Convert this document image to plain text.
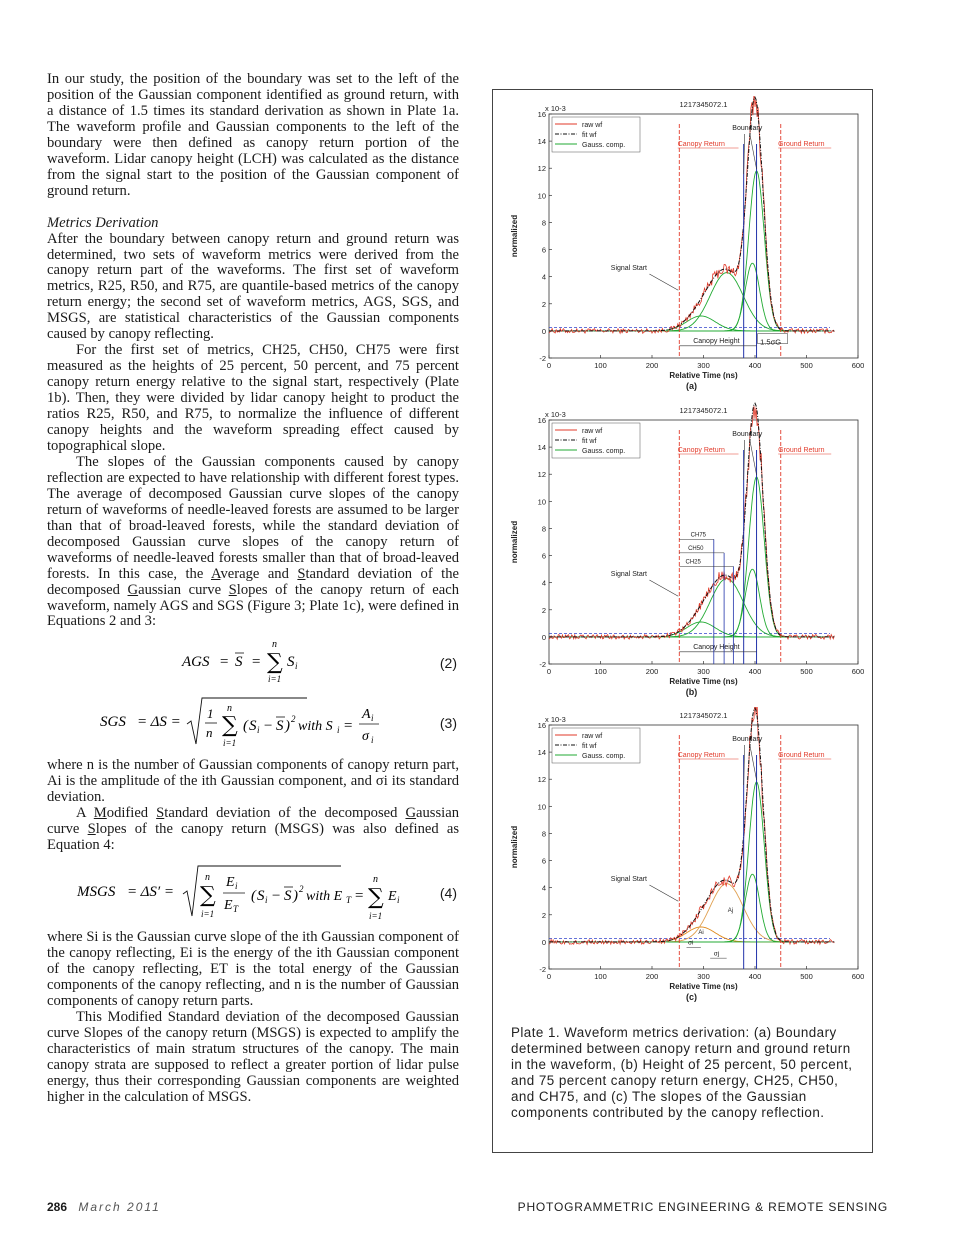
In our study, the position of the boundary was set to the left of the position of the Gaussian component identified as ground return, with a distance of 1.5 times its standard derivation as shown in Plate 1a. The waveform profile and Gaussian components to the left of the boundary were then defined as canopy return portion of the waveform. Lidar canopy height (LCH) was calculated as the distance from the signal start to the position of the Gaussian component of ground return.

Metrics Derivation

After the boundary between canopy return and ground return was determined, two sets of waveform metrics were derived from the canopy return part of the waveforms. The first set of waveform metrics, R25, R50, and R75, are quantile-based metrics of the canopy return energy; the second set of waveform metrics, AGS, SGS, and MSGS, are statistical characteristics of the Gaussian components caused by canopy reflecting.

For the first set of metrics, CH25, CH50, CH75 were first measured as the heights of 25 percent, 50 percent, and 75 percent canopy return energy relative to the signal start, respectively (Plate 1b). Then, they were divided by lidar canopy height to product the ratios R25, R50, and R75, to normalize the influence of different canopy heights and the waveform spreading effect caused by topographical slope.

The slopes of the Gaussian components caused by canopy reflection are expected to have relationship with different forest types. The average of decomposed Gaussian curve slopes of the canopy return of waveforms of needle-leaved forests are assumed to be larger than that of broad-leaved forests, while the standard deviation of decomposed Gaussian curve slopes of the canopy return of waveforms of needle-leaved forests smaller than that of broad-leaved forests. In this case, the Average and Standard deviation of the decomposed Gaussian curve Slopes of the canopy return of each waveform, namely AGS and SGS (Figure 3; Plate 1c), were defined in Equations 2 and 3:

AGS = S = ∑
n
i=1
S i	(2)
SGS = ΔS =
1
n ∑
n
i=1
( S i − S ) 2 with S i =
A i
σ i
(3)

where n is the number of Gaussian components of canopy return part, Ai is the amplitude of the ith Gaussian component, and σi its standard deviation.

A Modified Standard deviation of the decomposed Gaussian curve Slopes of the canopy return (MSGS) was also defined as Equation 4:

MSGS = ΔS′ = ∑
n
i=1
E i
E T
( S i − S ) 2 with E T = ∑
n
i=1
E i	(4)

where Si is the Gaussian curve slope of the ith Gaussian component of the canopy reflecting, Ei is the energy of the ith Gaussian component of the canopy reflecting, ET is the total energy of the Gaussian components of the canopy reflecting, and n is the number of Gaussian components of canopy return parts.

This Modified Standard deviation of the decomposed Gaussian curve Slopes of the canopy return (MSGS) is expected to amplify the characteristics of main stratum structures of the canopy. The main canopy strata are supposed to reflect a greater portion of lidar pulse energy, thus their corresponding Gaussian components are weighted higher in the calculation of MSGS.

0	100	200	300	400	500	600
-2
0
2
4
6
8
10
12
14
16
x 10-3	1217345072.1
Relative Time (ns)
normalized
(a)
raw wf
fit wf
Gauss. comp.
Boundary
Canopy Return	Ground Return
Signal Start
Canopy Height	1.5σG
0	100	200	300	400	500	600
-2
0
2
4
6
8
10
12
14
16
x 10-3	1217345072.1
Relative Time (ns)
normalized
(b)
raw wf
fit wf
Gauss. comp.
Boundary
Canopy Return	Ground Return
Signal Start
Canopy Height
CH75
CH50
CH25
0	100	200	300	400	500	600
-2
0
2
4
6
8
10
12
14
16
x 10-3	1217345072.1
Relative Time (ns)
normalized
(c)
raw wf
fit wf
Gauss. comp.
Boundary
Canopy Return	Ground Return
Signal Start
Ai
Aj
σi
σj
Plate 1. Waveform metrics derivation: (a) Boundary determined between canopy return and ground return in the waveform, (b) Height of 25 percent, 50 percent, and 75 percent canopy return energy, CH25, CH50, and CH75, and (c) The slopes of the Gaussian components contributed by the canopy reflection.
286 March 2011	PHOTOGRAMMETRIC ENGINEERING & REMOTE SENSING
